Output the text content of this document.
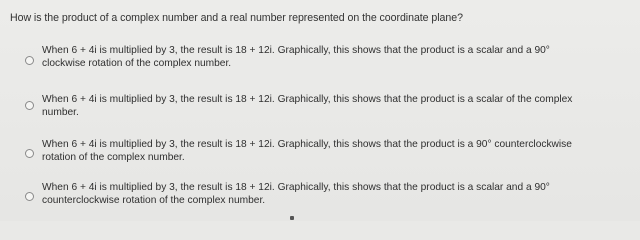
How is the product of a complex number and a real number represented on the coordinate plane?
When 6 + 4i is multiplied by 3, the result is 18 + 12i. Graphically, this shows that the product is a scalar and a 90°
clockwise rotation of the complex number.
When 6 + 4i is multiplied by 3, the result is 18 + 12i. Graphically, this shows that the product is a scalar of the complex
number.
When 6 + 4i is multiplied by 3, the result is 18 + 12i. Graphically, this shows that the product is a 90° counterclockwise
rotation of the complex number.
When 6 + 4i is multiplied by 3, the result is 18 + 12i. Graphically, this shows that the product is a scalar and a 90°
counterclockwise rotation of the complex number.
